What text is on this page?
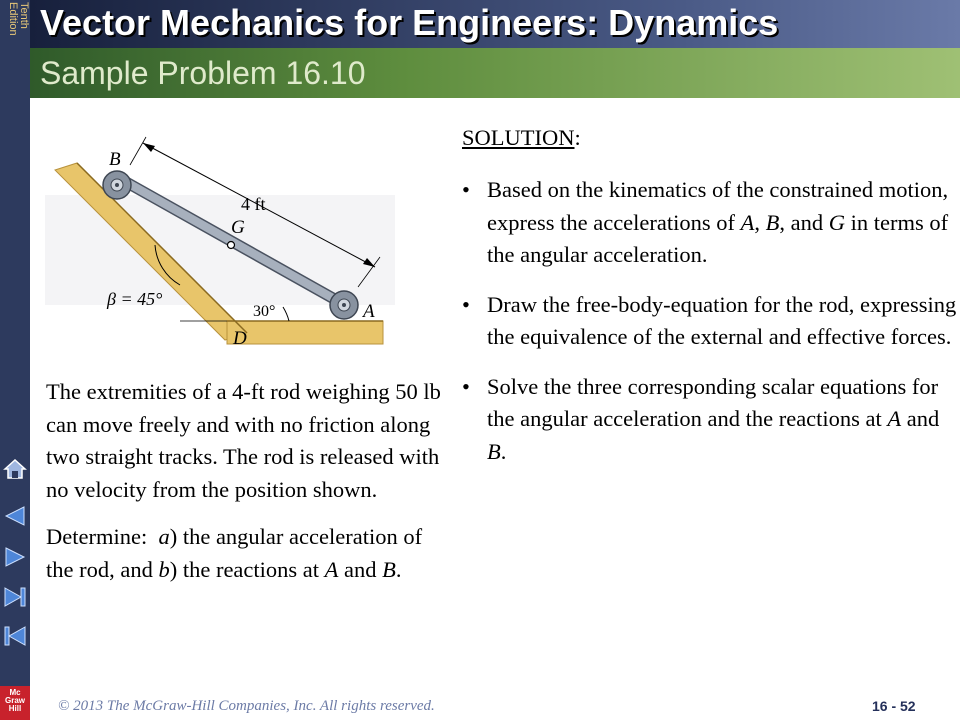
Tenth
Edition
Mc
Graw
Hill
Vector Mechanics for Engineers: Dynamics
Sample Problem 16.10
B
A
G
D
4 ft
30°
β = 45°

The extremities of a 4-ft rod weighing 50 lb can move freely and with no friction along two straight tracks. The rod is released with no velocity from the position shown.

Determine: a) the angular acceleration of the rod, and b) the reactions at A and B.

SOLUTION:
• Based on the kinematics of the constrained motion, express the accelerations of A, B, and G in terms of the angular acceleration.
• Draw the free-body-equation for the rod, expressing the equivalence of the external and effective forces.
• Solve the three corresponding scalar equations for the angular acceleration and the reactions at A and B.
© 2013 The McGraw-Hill Companies, Inc. All rights reserved.	16 - 52
